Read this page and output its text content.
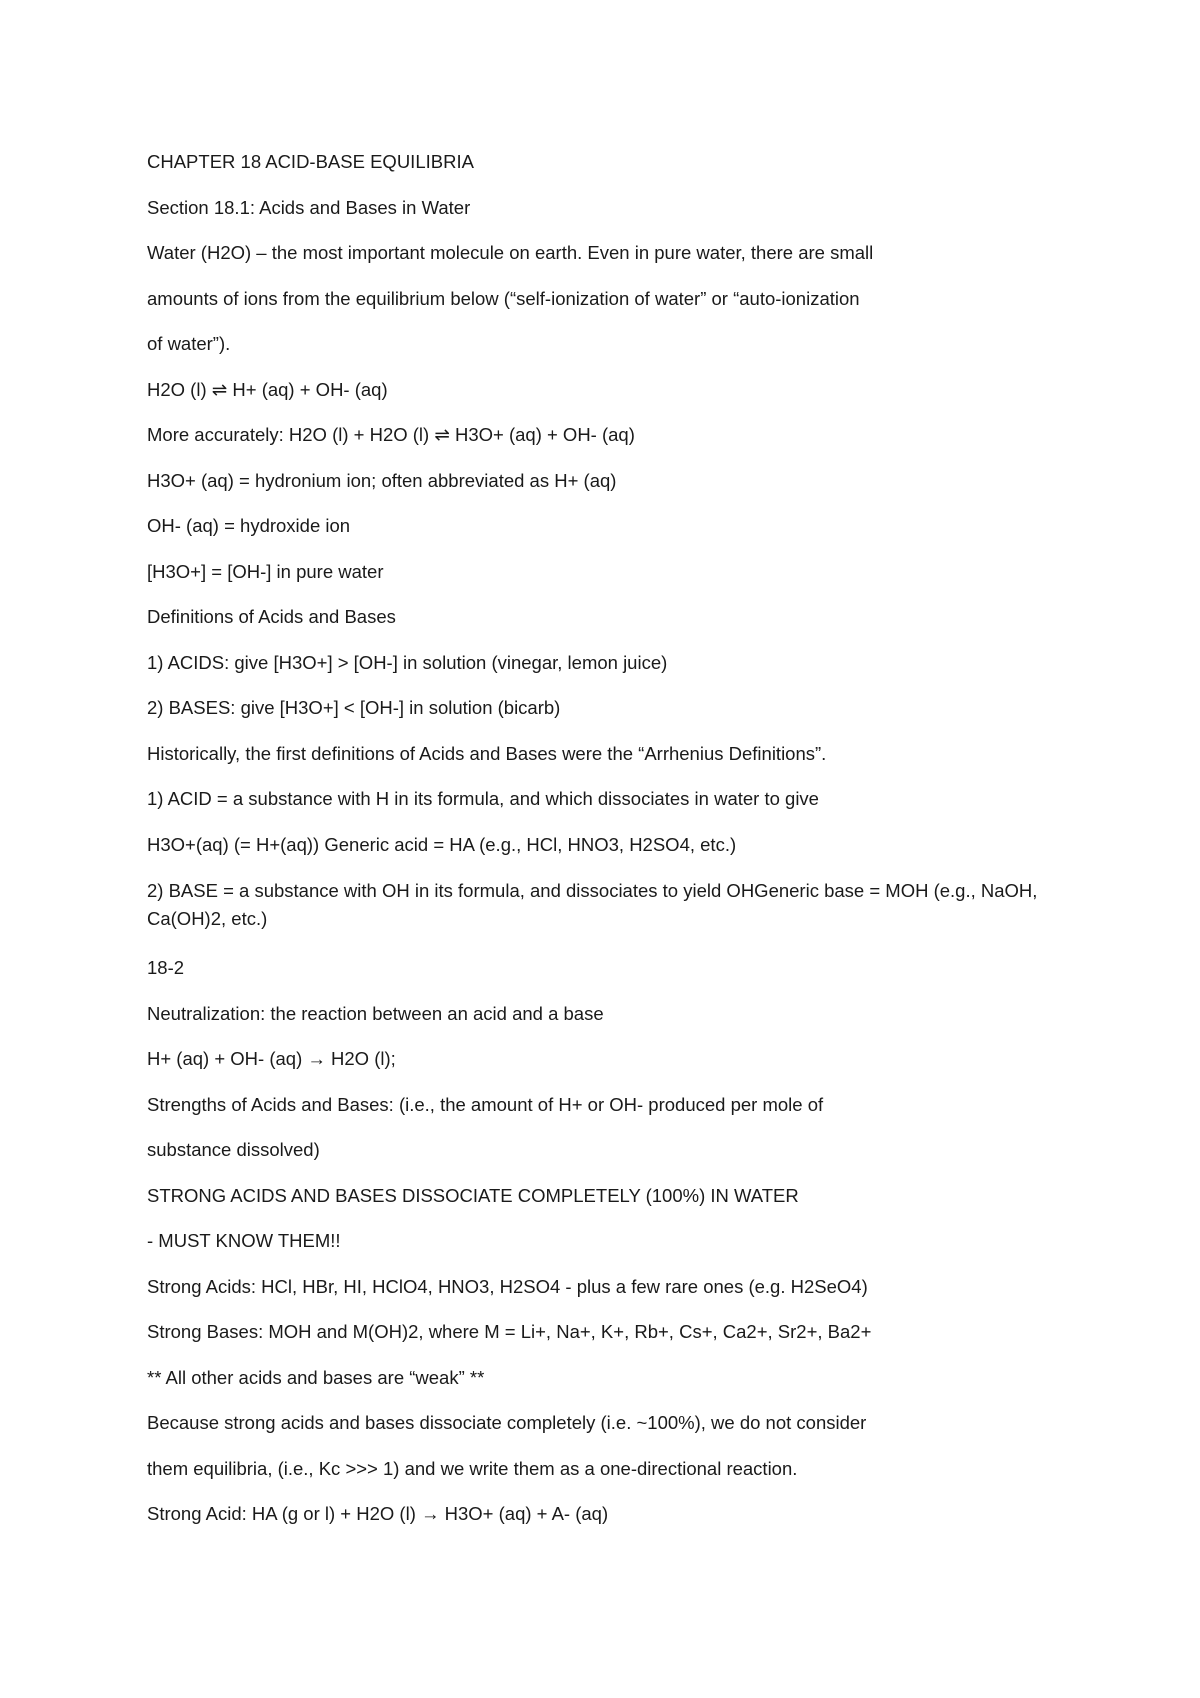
CHAPTER 18 ACID-BASE EQUILIBRIA

Section 18.1: Acids and Bases in Water

Water (H2O) – the most important molecule on earth. Even in pure water, there are small

amounts of ions from the equilibrium below (“self-ionization of water” or “auto-ionization

of water”).

H2O (l) ⇌ H+ (aq) + OH- (aq)

More accurately: H2O (l) + H2O (l) ⇌ H3O+ (aq) + OH- (aq)

H3O+ (aq) = hydronium ion; often abbreviated as H+ (aq)

OH- (aq) = hydroxide ion

[H3O+] = [OH-] in pure water

Definitions of Acids and Bases

1) ACIDS: give [H3O+] > [OH-] in solution (vinegar, lemon juice)

2) BASES: give [H3O+] < [OH-] in solution (bicarb)

Historically, the first definitions of Acids and Bases were the “Arrhenius Definitions”.

1) ACID = a substance with H in its formula, and which dissociates in water to give

H3O+(aq) (= H+(aq)) Generic acid = HA (e.g., HCl, HNO3, H2SO4, etc.)

2) BASE = a substance with OH in its formula, and dissociates to yield OHGeneric base = MOH (e.g., NaOH, Ca(OH)2, etc.)

18-2

Neutralization: the reaction between an acid and a base

H+ (aq) + OH- (aq) → H2O (l);

Strengths of Acids and Bases: (i.e., the amount of H+ or OH- produced per mole of

substance dissolved)

STRONG ACIDS AND BASES DISSOCIATE COMPLETELY (100%) IN WATER

- MUST KNOW THEM!!

Strong Acids: HCl, HBr, HI, HClO4, HNO3, H2SO4 - plus a few rare ones (e.g. H2SeO4)

Strong Bases: MOH and M(OH)2, where M = Li+, Na+, K+, Rb+, Cs+, Ca2+, Sr2+, Ba2+

** All other acids and bases are “weak” **

Because strong acids and bases dissociate completely (i.e. ~100%), we do not consider

them equilibria, (i.e., Kc >>> 1) and we write them as a one-directional reaction.

Strong Acid: HA (g or l) + H2O (l) → H3O+ (aq) + A- (aq)
